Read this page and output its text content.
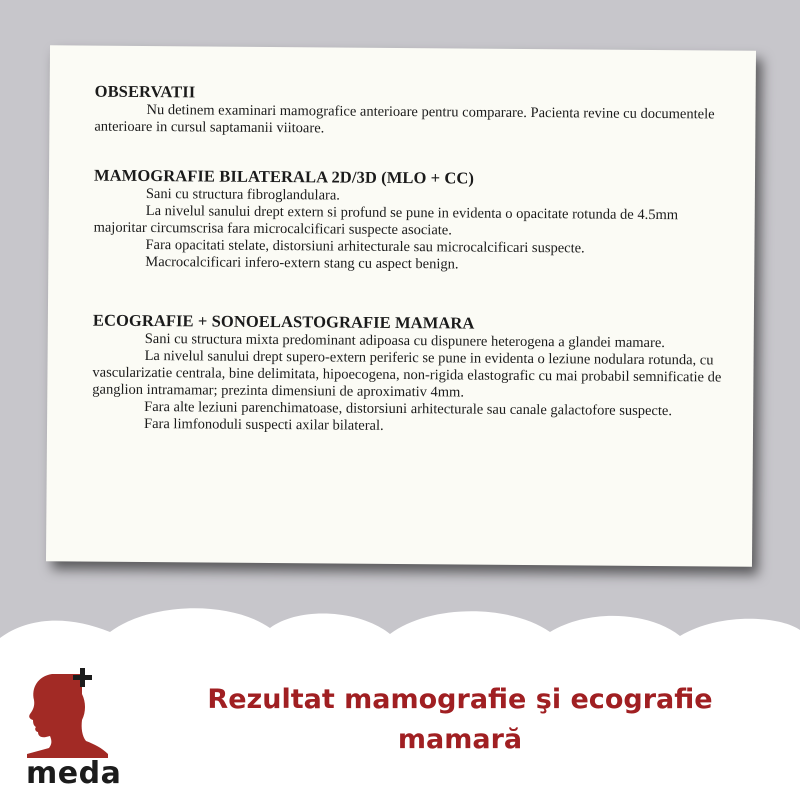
OBSERVATII

Nu detinem examinari mamografice anterioare pentru comparare. Pacienta revine cu documentele anterioare in cursul saptamanii viitoare.

MAMOGRAFIE BILATERALA 2D/3D (MLO + CC)

Sani cu structura fibroglandulara.

La nivelul sanului drept extern si profund se pune in evidenta o opacitate rotunda de 4.5mm majoritar circumscrisa fara microcalcificari suspecte asociate.

Fara opacitati stelate, distorsiuni arhitecturale sau microcalcificari suspecte.

Macrocalcificari infero-extern stang cu aspect benign.

ECOGRAFIE + SONOELASTOGRAFIE MAMARA

Sani cu structura mixta predominant adipoasa cu dispunere heterogena a glandei mamare.

La nivelul sanului drept supero-extern periferic se pune in evidenta o leziune nodulara rotunda, cu vascularizatie centrala, bine delimitata, hipoecogena, non-rigida elastografic cu mai probabil semnificatie de ganglion intramamar; prezinta dimensiuni de aproximativ 4mm.

Fara alte leziuni parenchimatoase, distorsiuni arhitecturale sau canale galactofore suspecte.

Fara limfonoduli suspecti axilar bilateral.

meda
Rezultat mamografie şi ecografie mamară
